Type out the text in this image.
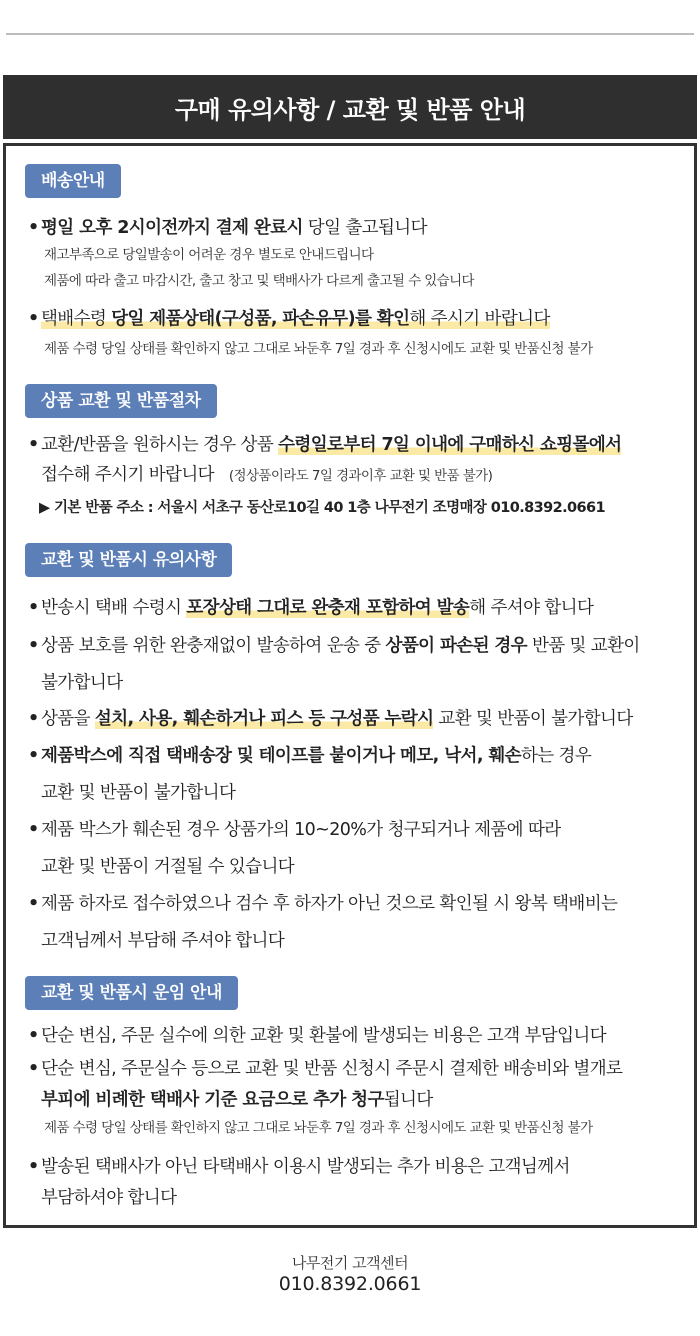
구매 유의사항 / 교환 및 반품 안내
배송안내
• 평일 오후 2시이전까지 결제 완료시 당일 출고됩니다
재고부족으로 당일발송이 어려운 경우 별도로 안내드립니다
제품에 따라 출고 마감시간, 출고 창고 및 택배사가 다르게 출고될 수 있습니다
• 택배수령 당일 제품상태(구성품, 파손유무)를 확인해 주시기 바랍니다
제품 수령 당일 상태를 확인하지 않고 그대로 놔둔후 7일 경과 후 신청시에도 교환 및 반품신청 불가
상품 교환 및 반품절차
• 교환/반품을 원하시는 경우 상품 수령일로부터 7일 이내에 구매하신 쇼핑몰에서
접수해 주시기 바랍니다 (정상품이라도 7일 경과이후 교환 및 반품 불가)
▶ 기본 반품 주소 : 서울시 서초구 동산로10길 40 1층 나무전기 조명매장 010.8392.0661
교환 및 반품시 유의사항
• 반송시 택배 수령시 포장상태 그대로 완충재 포함하여 발송해 주셔야 합니다
• 상품 보호를 위한 완충재없이 발송하여 운송 중 상품이 파손된 경우 반품 및 교환이
불가합니다
• 상품을 설치, 사용, 훼손하거나 피스 등 구성품 누락시 교환 및 반품이 불가합니다
• 제품박스에 직접 택배송장 및 테이프를 붙이거나 메모, 낙서, 훼손하는 경우
교환 및 반품이 불가합니다
• 제품 박스가 훼손된 경우 상품가의 10~20%가 청구되거나 제품에 따라
교환 및 반품이 거절될 수 있습니다
• 제품 하자로 접수하였으나 검수 후 하자가 아닌 것으로 확인될 시 왕복 택배비는
고객님께서 부담해 주셔야 합니다
교환 및 반품시 운임 안내
• 단순 변심, 주문 실수에 의한 교환 및 환불에 발생되는 비용은 고객 부담입니다
• 단순 변심, 주문실수 등으로 교환 및 반품 신청시 주문시 결제한 배송비와 별개로
부피에 비례한 택배사 기준 요금으로 추가 청구됩니다
제품 수령 당일 상태를 확인하지 않고 그대로 놔둔후 7일 경과 후 신청시에도 교환 및 반품신청 불가
• 발송된 택배사가 아닌 타택배사 이용시 발생되는 추가 비용은 고객님께서
부담하셔야 합니다
나무전기 고객센터
010.8392.0661
